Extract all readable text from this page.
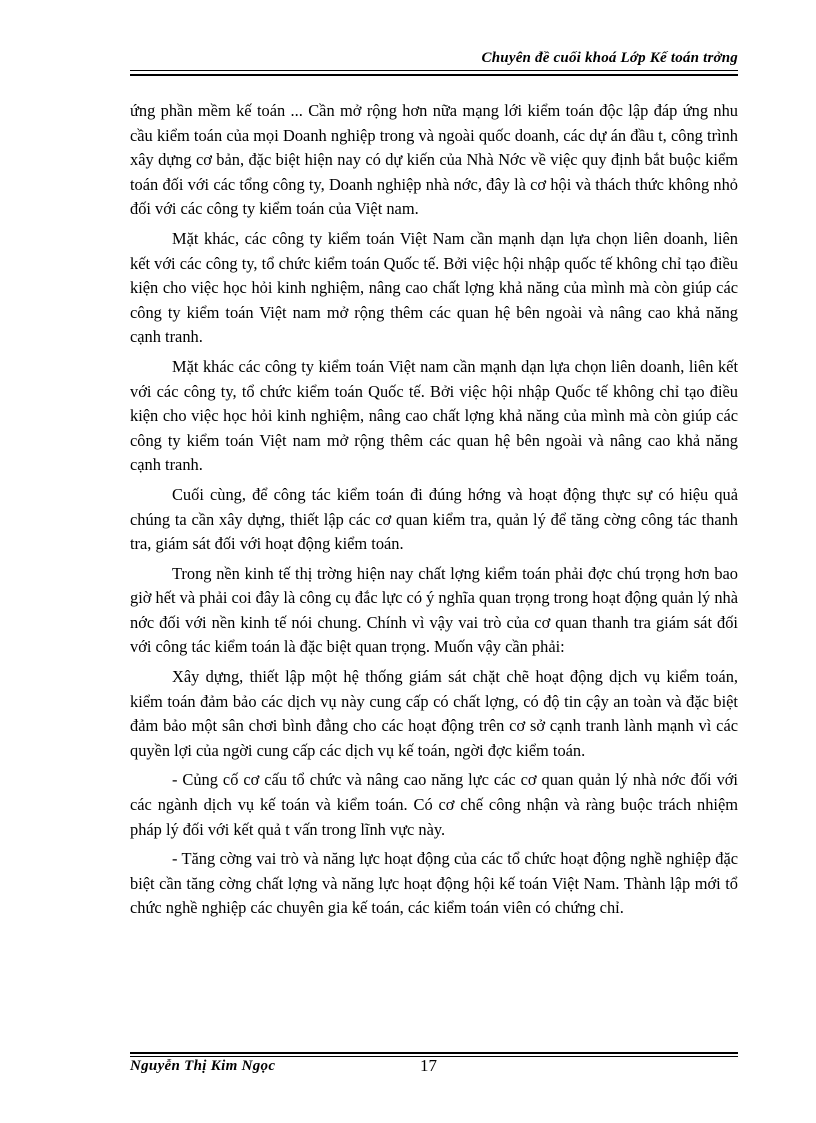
Chuyên đề cuối khoá Lớp Kế toán trởng

ứng phần mềm kế toán ... Cần mở rộng hơn nữa mạng lới kiểm toán độc lập đáp ứng nhu cầu kiểm toán của mọi Doanh nghiệp trong và ngoài quốc doanh, các dự án đầu t, công trình xây dựng cơ bản, đặc biệt hiện nay có dự kiến của Nhà Nớc về việc quy định bắt buộc kiểm toán đối với các tổng công ty, Doanh nghiệp nhà nớc, đây là cơ hội và thách thức không nhỏ đối với các công ty kiểm toán của Việt nam.

Mặt khác, các công ty kiểm toán Việt Nam cần mạnh dạn lựa chọn liên doanh, liên kết với các công ty, tổ chức kiểm toán Quốc tế. Bởi việc hội nhập quốc tế không chỉ tạo điều kiện cho việc học hỏi kinh nghiệm, nâng cao chất lợng khả năng của mình mà còn giúp các công ty kiểm toán Việt nam mở rộng thêm các quan hệ bên ngoài và nâng cao khả năng cạnh tranh.

Mặt khác các công ty kiểm toán Việt nam cần mạnh dạn lựa chọn liên doanh, liên kết với các công ty, tổ chức kiểm toán Quốc tế. Bởi việc hội nhập Quốc tế không chỉ tạo điều kiện cho việc học hỏi kinh nghiệm, nâng cao chất lợng khả năng của mình mà còn giúp các công ty kiểm toán Việt nam mở rộng thêm các quan hệ bên ngoài và nâng cao khả năng cạnh tranh.

Cuối cùng, để công tác kiểm toán đi đúng hớng và hoạt động thực sự có hiệu quả chúng ta cần xây dựng, thiết lập các cơ quan kiểm tra, quản lý để tăng cờng công tác thanh tra, giám sát đối với hoạt động kiểm toán.

Trong nền kinh tế thị trờng hiện nay chất lợng kiểm toán phải đợc chú trọng hơn bao giờ hết và phải coi đây là công cụ đắc lực có ý nghĩa quan trọng trong hoạt động quản lý nhà nớc đối với nền kinh tế nói chung. Chính vì vậy vai trò của cơ quan thanh tra giám sát đối với công tác kiểm toán là đặc biệt quan trọng. Muốn vậy cần phải:

Xây dựng, thiết lập một hệ thống giám sát chặt chẽ hoạt động dịch vụ kiểm toán, kiểm toán đảm bảo các dịch vụ này cung cấp có chất lợng, có độ tin cậy an toàn và đặc biệt đảm bảo một sân chơi bình đẳng cho các hoạt động trên cơ sở cạnh tranh lành mạnh vì các quyền lợi của ngời cung cấp các dịch vụ kế toán, ngời đợc kiểm toán.

- Củng cố cơ cấu tổ chức và nâng cao năng lực các cơ quan quản lý nhà nớc đối với các ngành dịch vụ kế toán và kiểm toán. Có cơ chế công nhận và ràng buộc trách nhiệm pháp lý đối với kết quả t vấn trong lĩnh vực này.

- Tăng cờng vai trò và năng lực hoạt động của các tổ chức hoạt động nghề nghiệp đặc biệt cần tăng cờng chất lợng và năng lực hoạt động hội kế toán Việt Nam. Thành lập mới tổ chức nghề nghiệp các chuyên gia kế toán, các kiểm toán viên có chứng chỉ.

Nguyễn Thị Kim Ngọc	17
